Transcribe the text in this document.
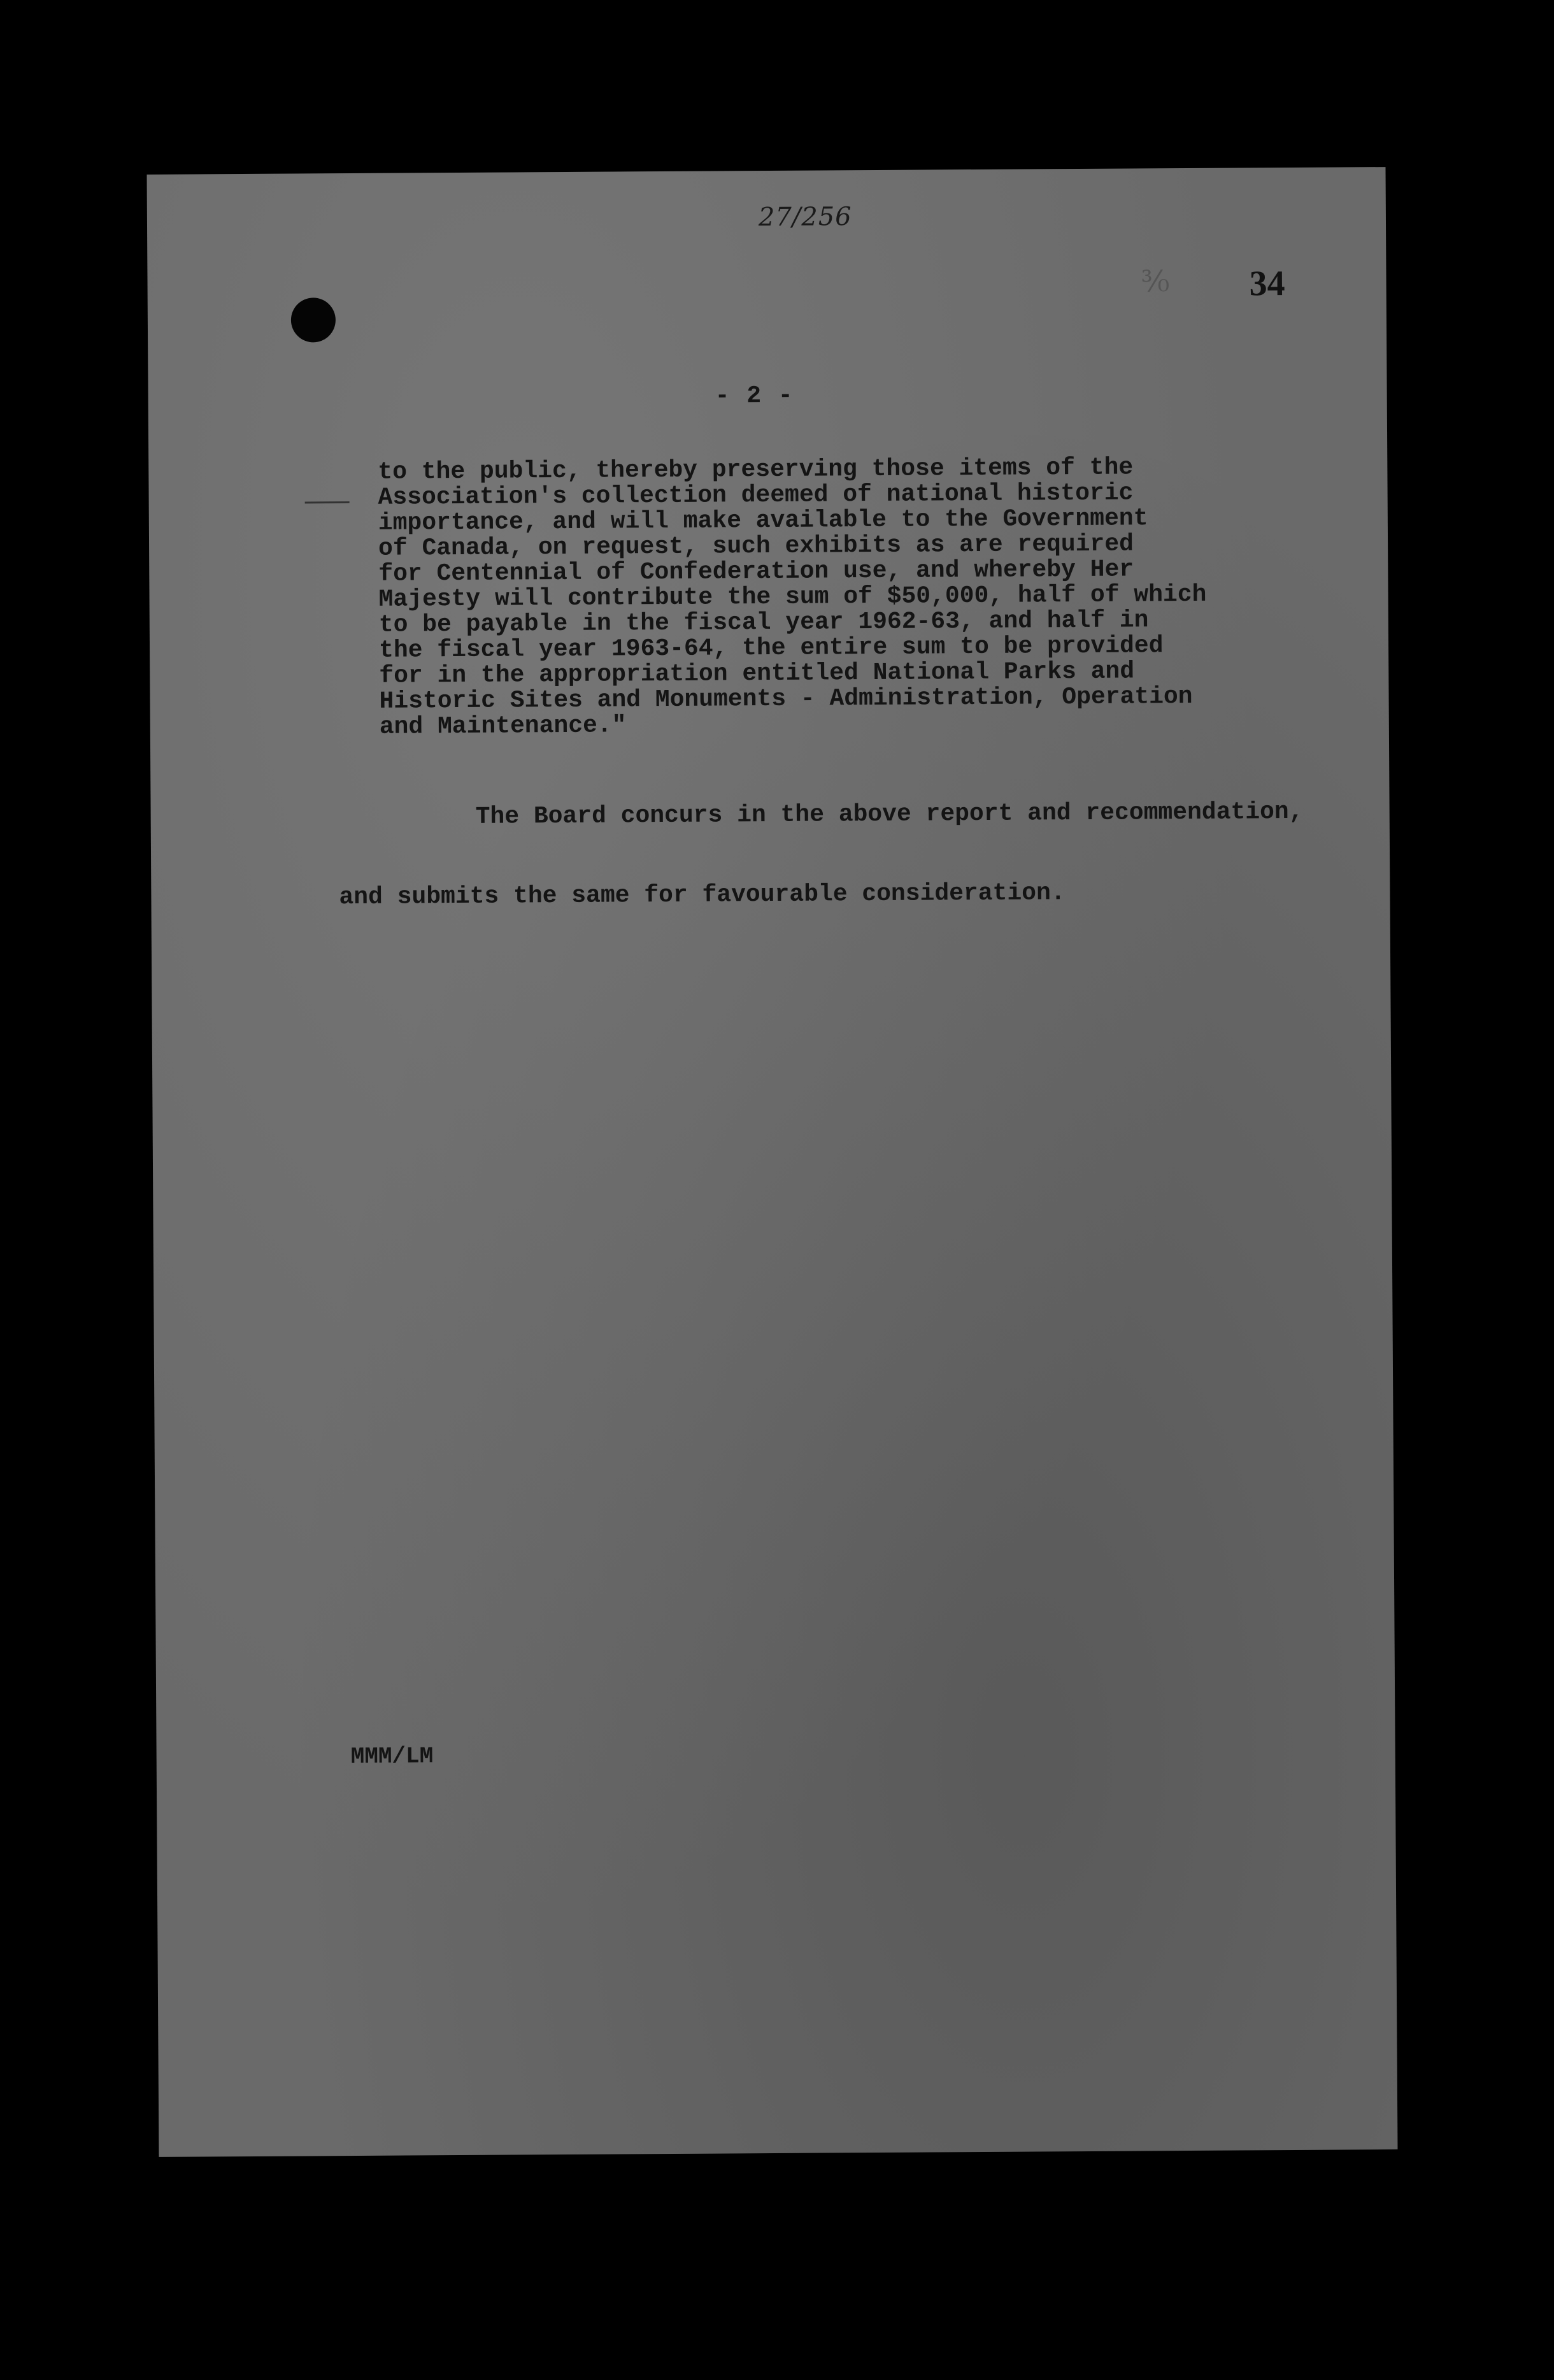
27/256
³⁄₀ 34
- 2 -

to the public, thereby preserving those items of the

Association's collection deemed of national historic

importance, and will make available to the Government

of Canada, on request, such exhibits as are required

for Centennial of Confederation use, and whereby Her

Majesty will contribute the sum of $50,000, half of which

to be payable in the fiscal year 1962-63, and half in

the fiscal year 1963-64, the entire sum to be provided

for in the appropriation entitled National Parks and

Historic Sites and Monuments - Administration, Operation

and Maintenance."

The Board concurs in the above report and recommendation,
and submits the same for favourable consideration.
MMM/LM
